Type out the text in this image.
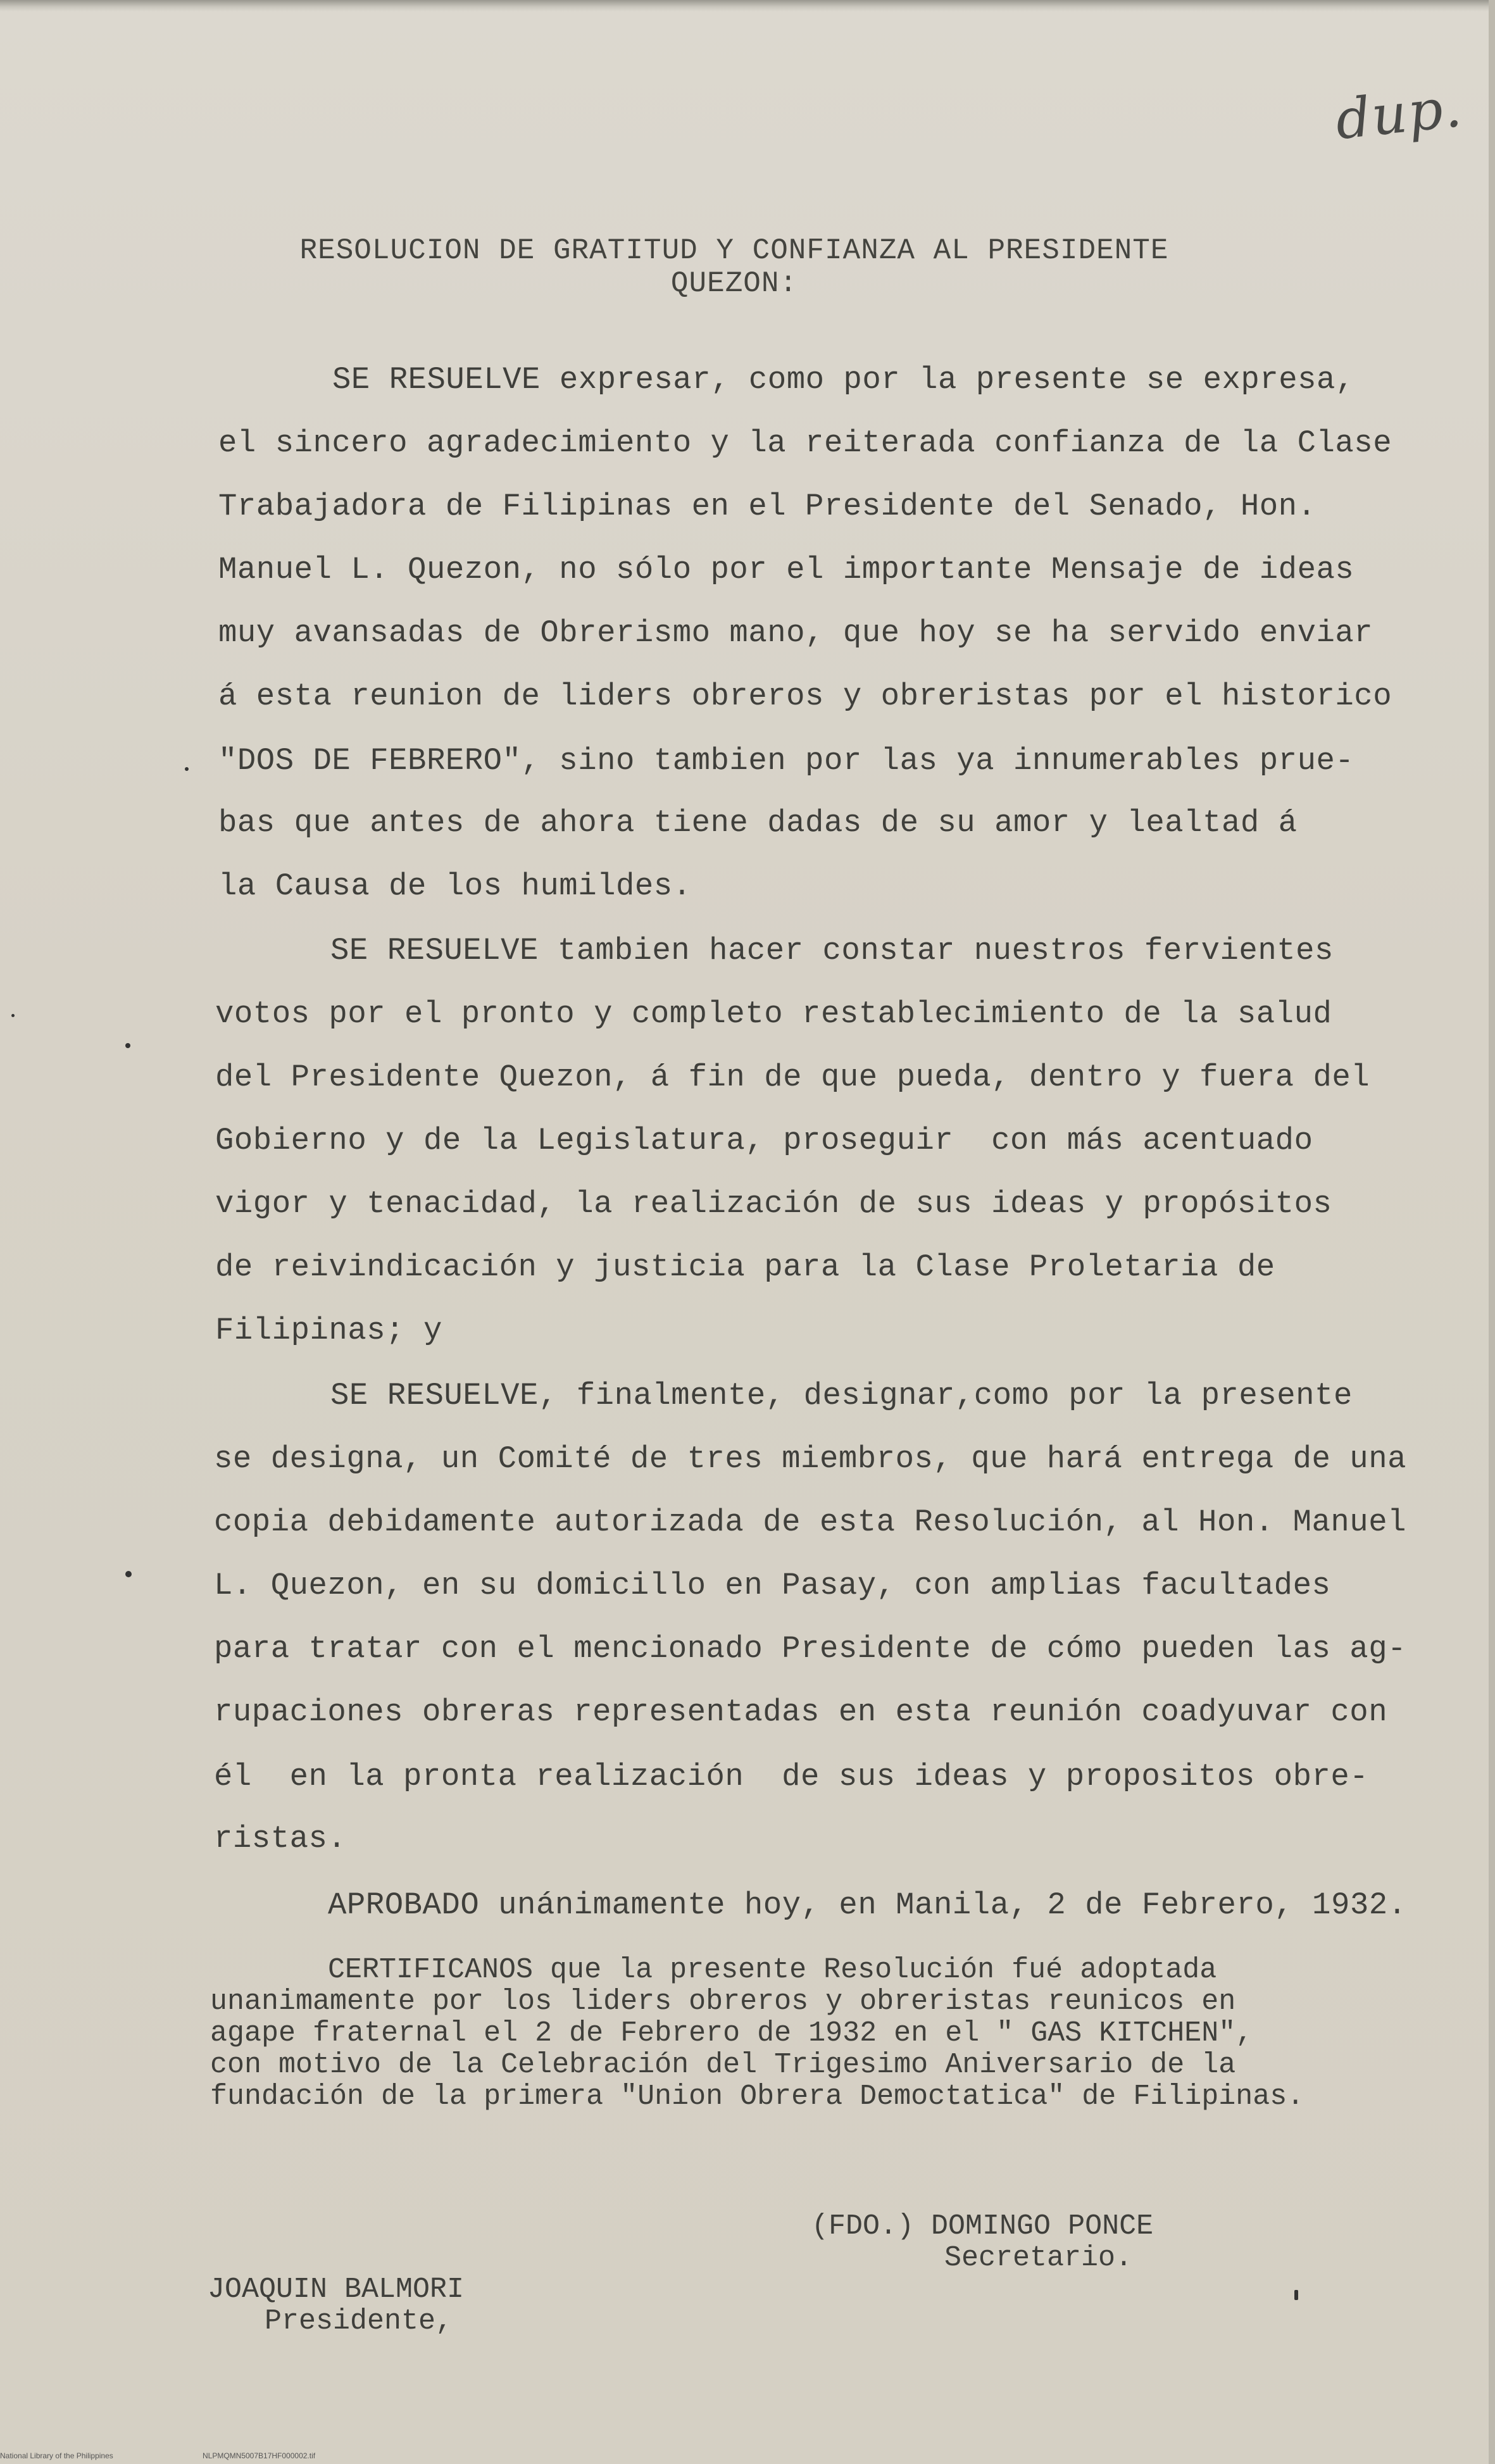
dup.
RESOLUCION DE GRATITUD Y CONFIANZA AL PRESIDENTE
QUEZON:
SE RESUELVE expresar, como por la presente se expresa,
el sincero agradecimiento y la reiterada confianza de la Clase
Trabajadora de Filipinas en el Presidente del Senado, Hon.
Manuel L. Quezon, no sólo por el importante Mensaje de ideas
muy avansadas de Obrerismo mano, que hoy se ha servido enviar
á esta reunion de liders obreros y obreristas por el historico
"DOS DE FEBRERO", sino tambien por las ya innumerables prue-
bas que antes de ahora tiene dadas de su amor y lealtad á
la Causa de los humildes.
SE RESUELVE tambien hacer constar nuestros fervientes
votos por el pronto y completo restablecimiento de la salud
del Presidente Quezon, á fin de que pueda, dentro y fuera del
Gobierno y de la Legislatura, proseguir  con más acentuado
vigor y tenacidad, la realización de sus ideas y propósitos
de reivindicación y justicia para la Clase Proletaria de
Filipinas; y
SE RESUELVE, finalmente, designar,como por la presente
se designa, un Comité de tres miembros, que hará entrega de una
copia debidamente autorizada de esta Resolución, al Hon. Manuel
L. Quezon, en su domicillo en Pasay, con amplias facultades
para tratar con el mencionado Presidente de cómo pueden las ag-
rupaciones obreras representadas en esta reunión coadyuvar con
él  en la pronta realización  de sus ideas y propositos obre-
ristas.
APROBADO unánimamente hoy, en Manila, 2 de Febrero, 1932.
CERTIFICANOS que la presente Resolución fué adoptada
unanimamente por los liders obreros y obreristas reunicos en
agape fraternal el 2 de Febrero de 1932 en el " GAS KITCHEN",
con motivo de la Celebración del Trigesimo Aniversario de la
fundación de la primera "Union Obrera Democtatica" de Filipinas.
(FDO.) DOMINGO PONCE
Secretario.
JOAQUIN BALMORI
Presidente,
National Library of the Philippines	NLPMQMN5007B17HF000002.tif
